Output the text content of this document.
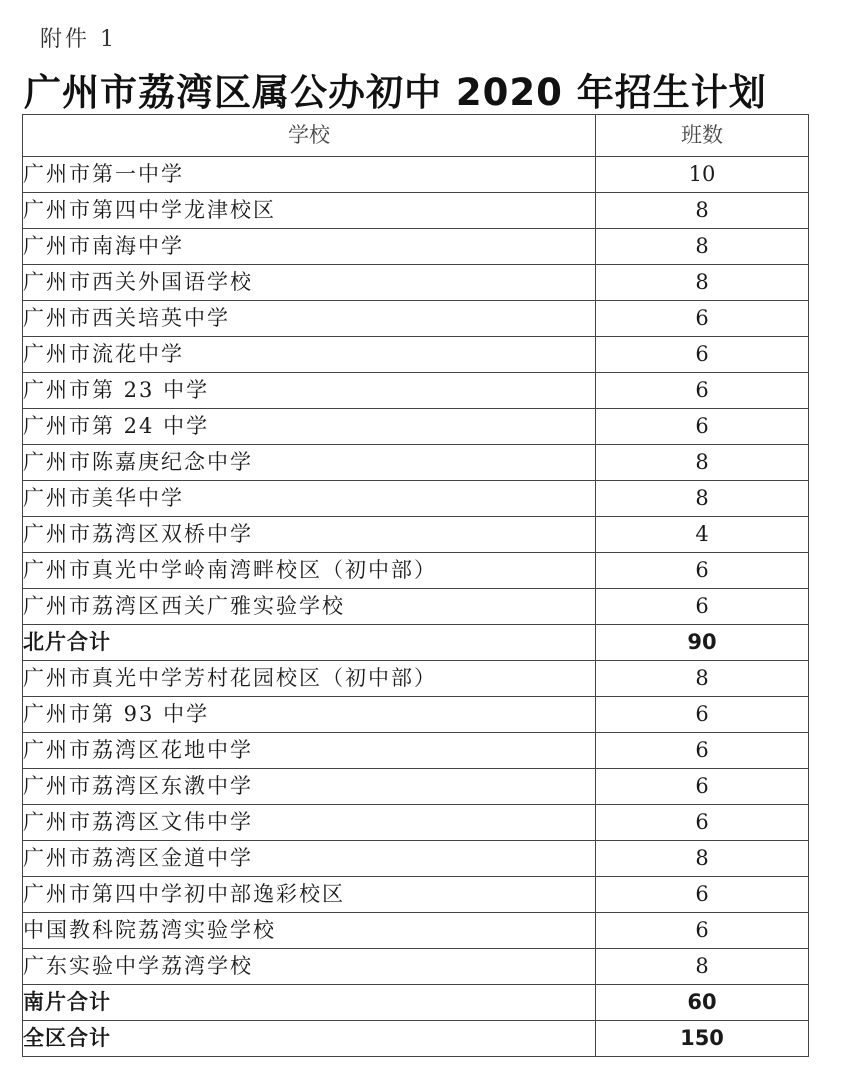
附件 1
广州市荔湾区属公办初中 2020 年招生计划
学校	班数
广州市第一中学	10
广州市第四中学龙津校区	8
广州市南海中学	8
广州市西关外国语学校	8
广州市西关培英中学	6
广州市流花中学	6
广州市第 23 中学	6
广州市第 24 中学	6
广州市陈嘉庚纪念中学	8
广州市美华中学	8
广州市荔湾区双桥中学	4
广州市真光中学岭南湾畔校区（初中部）	6
广州市荔湾区西关广雅实验学校	6
北片合计	90
广州市真光中学芳村花园校区（初中部）	8
广州市第 93 中学	6
广州市荔湾区花地中学	6
广州市荔湾区东漖中学	6
广州市荔湾区文伟中学	6
广州市荔湾区金道中学	8
广州市第四中学初中部逸彩校区	6
中国教科院荔湾实验学校	6
广东实验中学荔湾学校	8
南片合计	60
全区合计	150
